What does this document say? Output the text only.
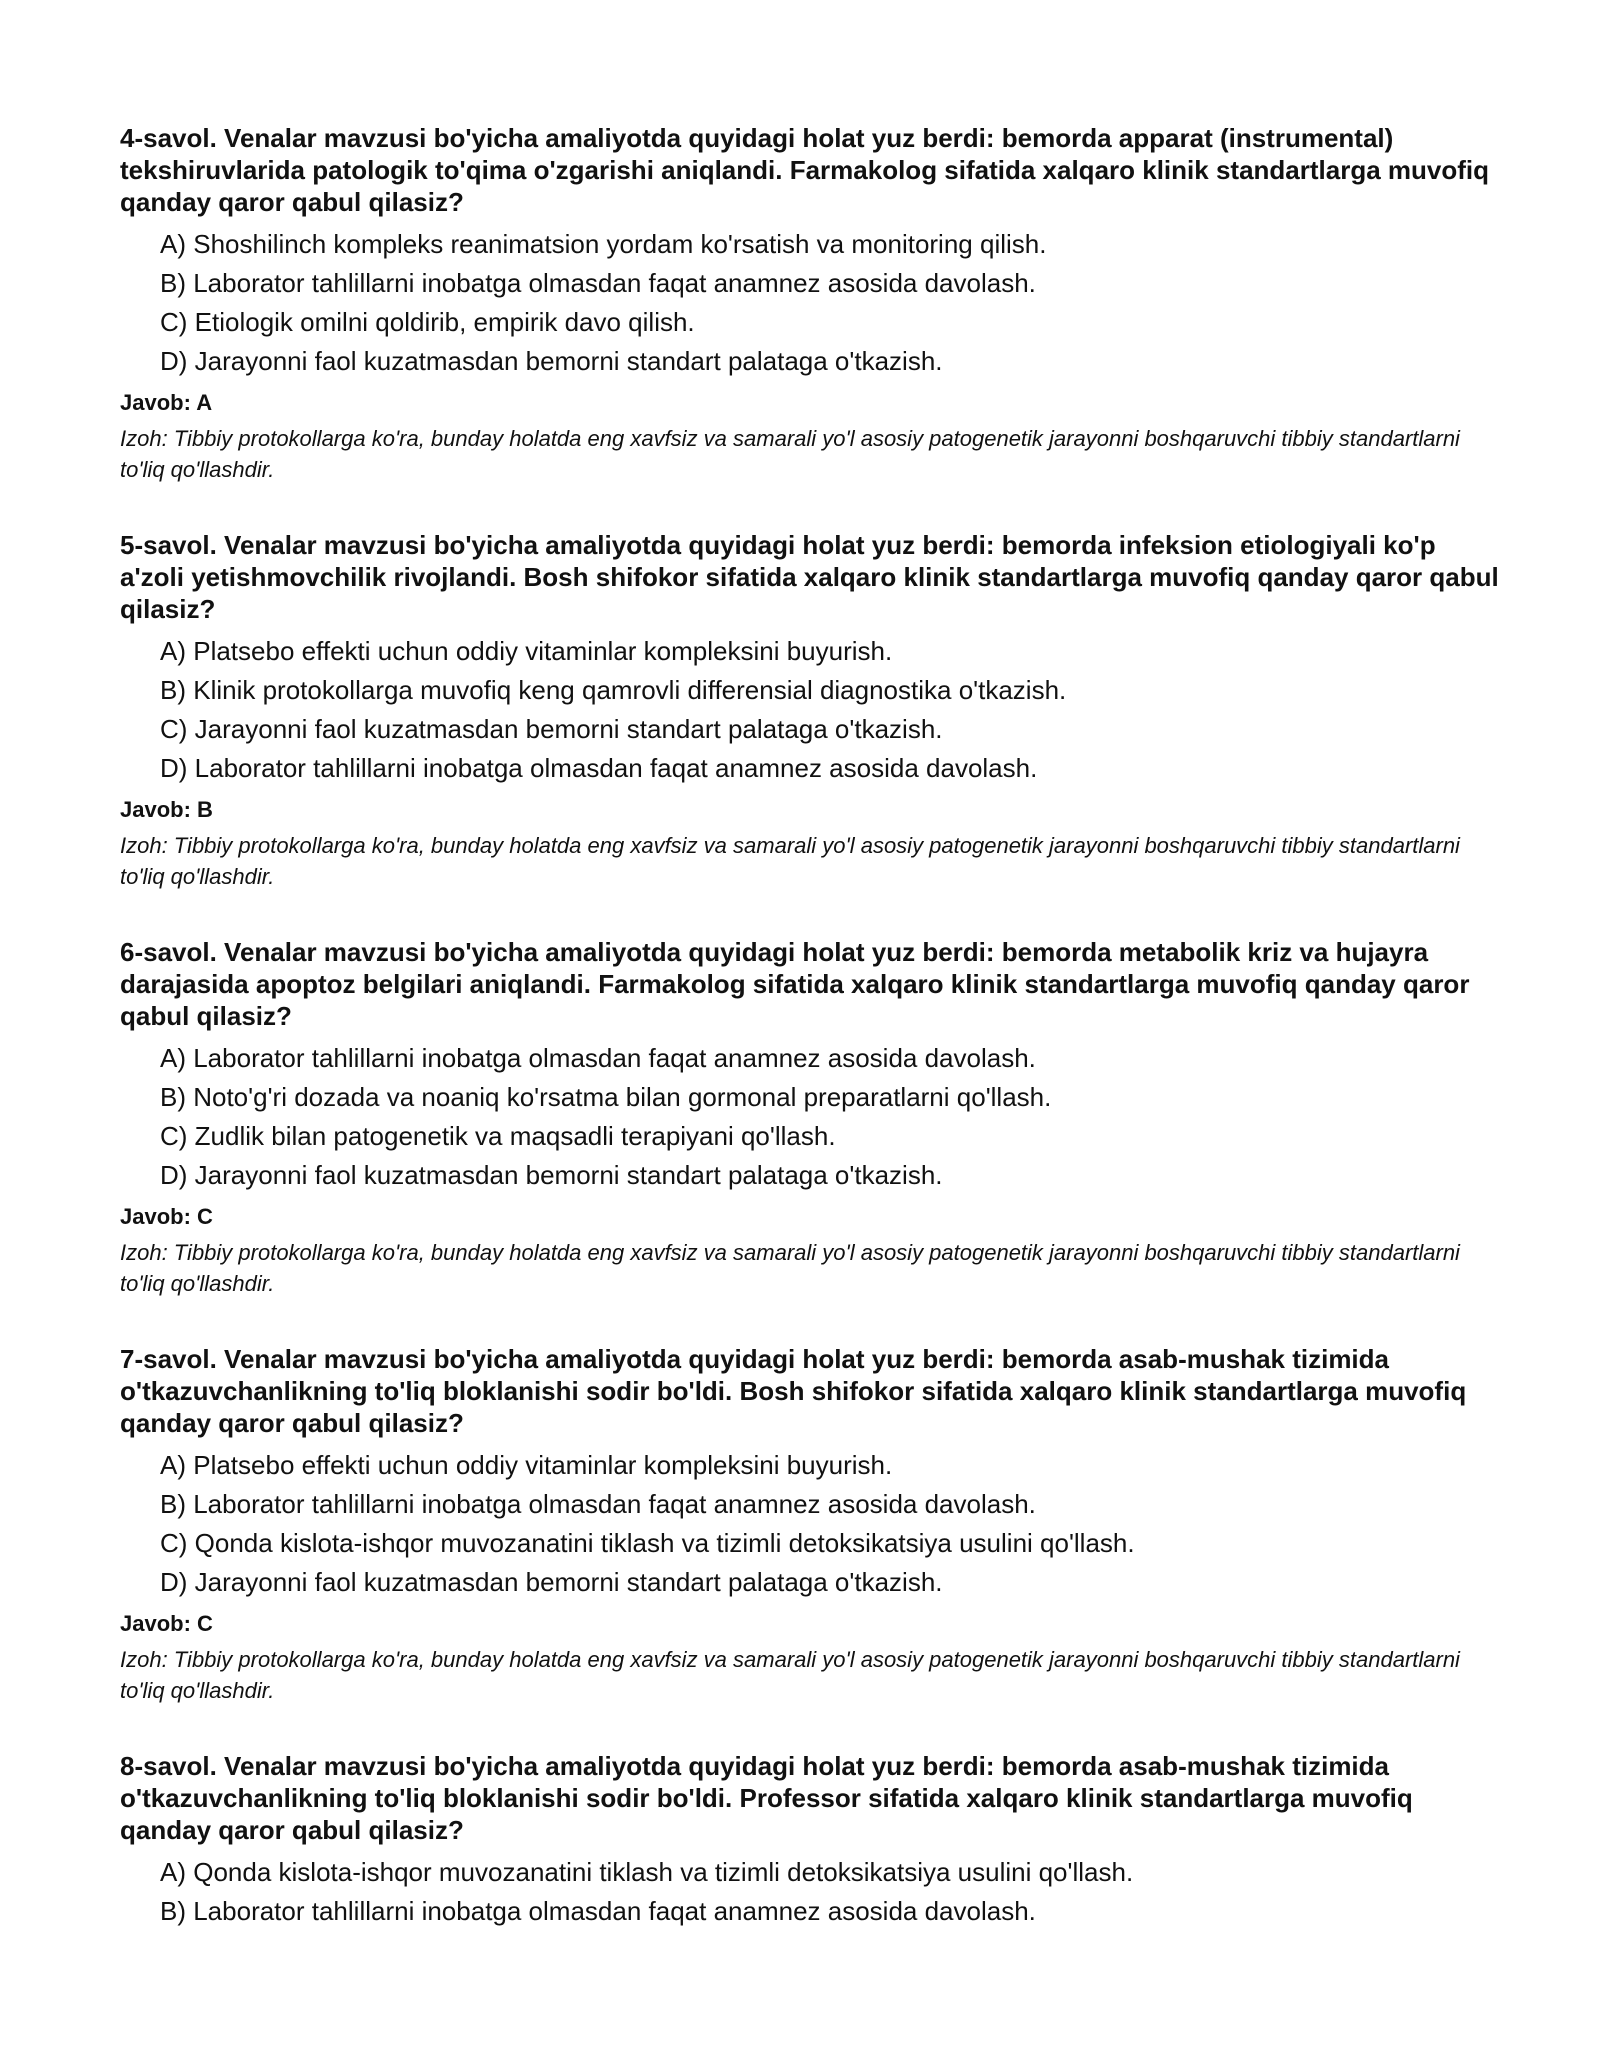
4-savol. Venalar mavzusi bo'yicha amaliyotda quyidagi holat yuz berdi: bemorda apparat (instrumental) tekshiruvlarida patologik to'qima o'zgarishi aniqlandi. Farmakolog sifatida xalqaro klinik standartlarga muvofiq qanday qaror qabul qilasiz?
A) Shoshilinch kompleks reanimatsion yordam ko'rsatish va monitoring qilish.
B) Laborator tahlillarni inobatga olmasdan faqat anamnez asosida davolash.
C) Etiologik omilni qoldirib, empirik davo qilish.
D) Jarayonni faol kuzatmasdan bemorni standart palataga o'tkazish.
Javob: A
Izoh: Tibbiy protokollarga ko'ra, bunday holatda eng xavfsiz va samarali yo'l asosiy patogenetik jarayonni boshqaruvchi tibbiy standartlarni to'liq qo'llashdir.
5-savol. Venalar mavzusi bo'yicha amaliyotda quyidagi holat yuz berdi: bemorda infeksion etiologiyali ko'p a'zoli yetishmovchilik rivojlandi. Bosh shifokor sifatida xalqaro klinik standartlarga muvofiq qanday qaror qabul qilasiz?
A) Platsebo effekti uchun oddiy vitaminlar kompleksini buyurish.
B) Klinik protokollarga muvofiq keng qamrovli differensial diagnostika o'tkazish.
C) Jarayonni faol kuzatmasdan bemorni standart palataga o'tkazish.
D) Laborator tahlillarni inobatga olmasdan faqat anamnez asosida davolash.
Javob: B
Izoh: Tibbiy protokollarga ko'ra, bunday holatda eng xavfsiz va samarali yo'l asosiy patogenetik jarayonni boshqaruvchi tibbiy standartlarni to'liq qo'llashdir.
6-savol. Venalar mavzusi bo'yicha amaliyotda quyidagi holat yuz berdi: bemorda metabolik kriz va hujayra darajasida apoptoz belgilari aniqlandi. Farmakolog sifatida xalqaro klinik standartlarga muvofiq qanday qaror qabul qilasiz?
A) Laborator tahlillarni inobatga olmasdan faqat anamnez asosida davolash.
B) Noto'g'ri dozada va noaniq ko'rsatma bilan gormonal preparatlarni qo'llash.
C) Zudlik bilan patogenetik va maqsadli terapiyani qo'llash.
D) Jarayonni faol kuzatmasdan bemorni standart palataga o'tkazish.
Javob: C
Izoh: Tibbiy protokollarga ko'ra, bunday holatda eng xavfsiz va samarali yo'l asosiy patogenetik jarayonni boshqaruvchi tibbiy standartlarni to'liq qo'llashdir.
7-savol. Venalar mavzusi bo'yicha amaliyotda quyidagi holat yuz berdi: bemorda asab-mushak tizimida o'tkazuvchanlikning to'liq bloklanishi sodir bo'ldi. Bosh shifokor sifatida xalqaro klinik standartlarga muvofiq qanday qaror qabul qilasiz?
A) Platsebo effekti uchun oddiy vitaminlar kompleksini buyurish.
B) Laborator tahlillarni inobatga olmasdan faqat anamnez asosida davolash.
C) Qonda kislota-ishqor muvozanatini tiklash va tizimli detoksikatsiya usulini qo'llash.
D) Jarayonni faol kuzatmasdan bemorni standart palataga o'tkazish.
Javob: C
Izoh: Tibbiy protokollarga ko'ra, bunday holatda eng xavfsiz va samarali yo'l asosiy patogenetik jarayonni boshqaruvchi tibbiy standartlarni to'liq qo'llashdir.
8-savol. Venalar mavzusi bo'yicha amaliyotda quyidagi holat yuz berdi: bemorda asab-mushak tizimida o'tkazuvchanlikning to'liq bloklanishi sodir bo'ldi. Professor sifatida xalqaro klinik standartlarga muvofiq qanday qaror qabul qilasiz?
A) Qonda kislota-ishqor muvozanatini tiklash va tizimli detoksikatsiya usulini qo'llash.
B) Laborator tahlillarni inobatga olmasdan faqat anamnez asosida davolash.
